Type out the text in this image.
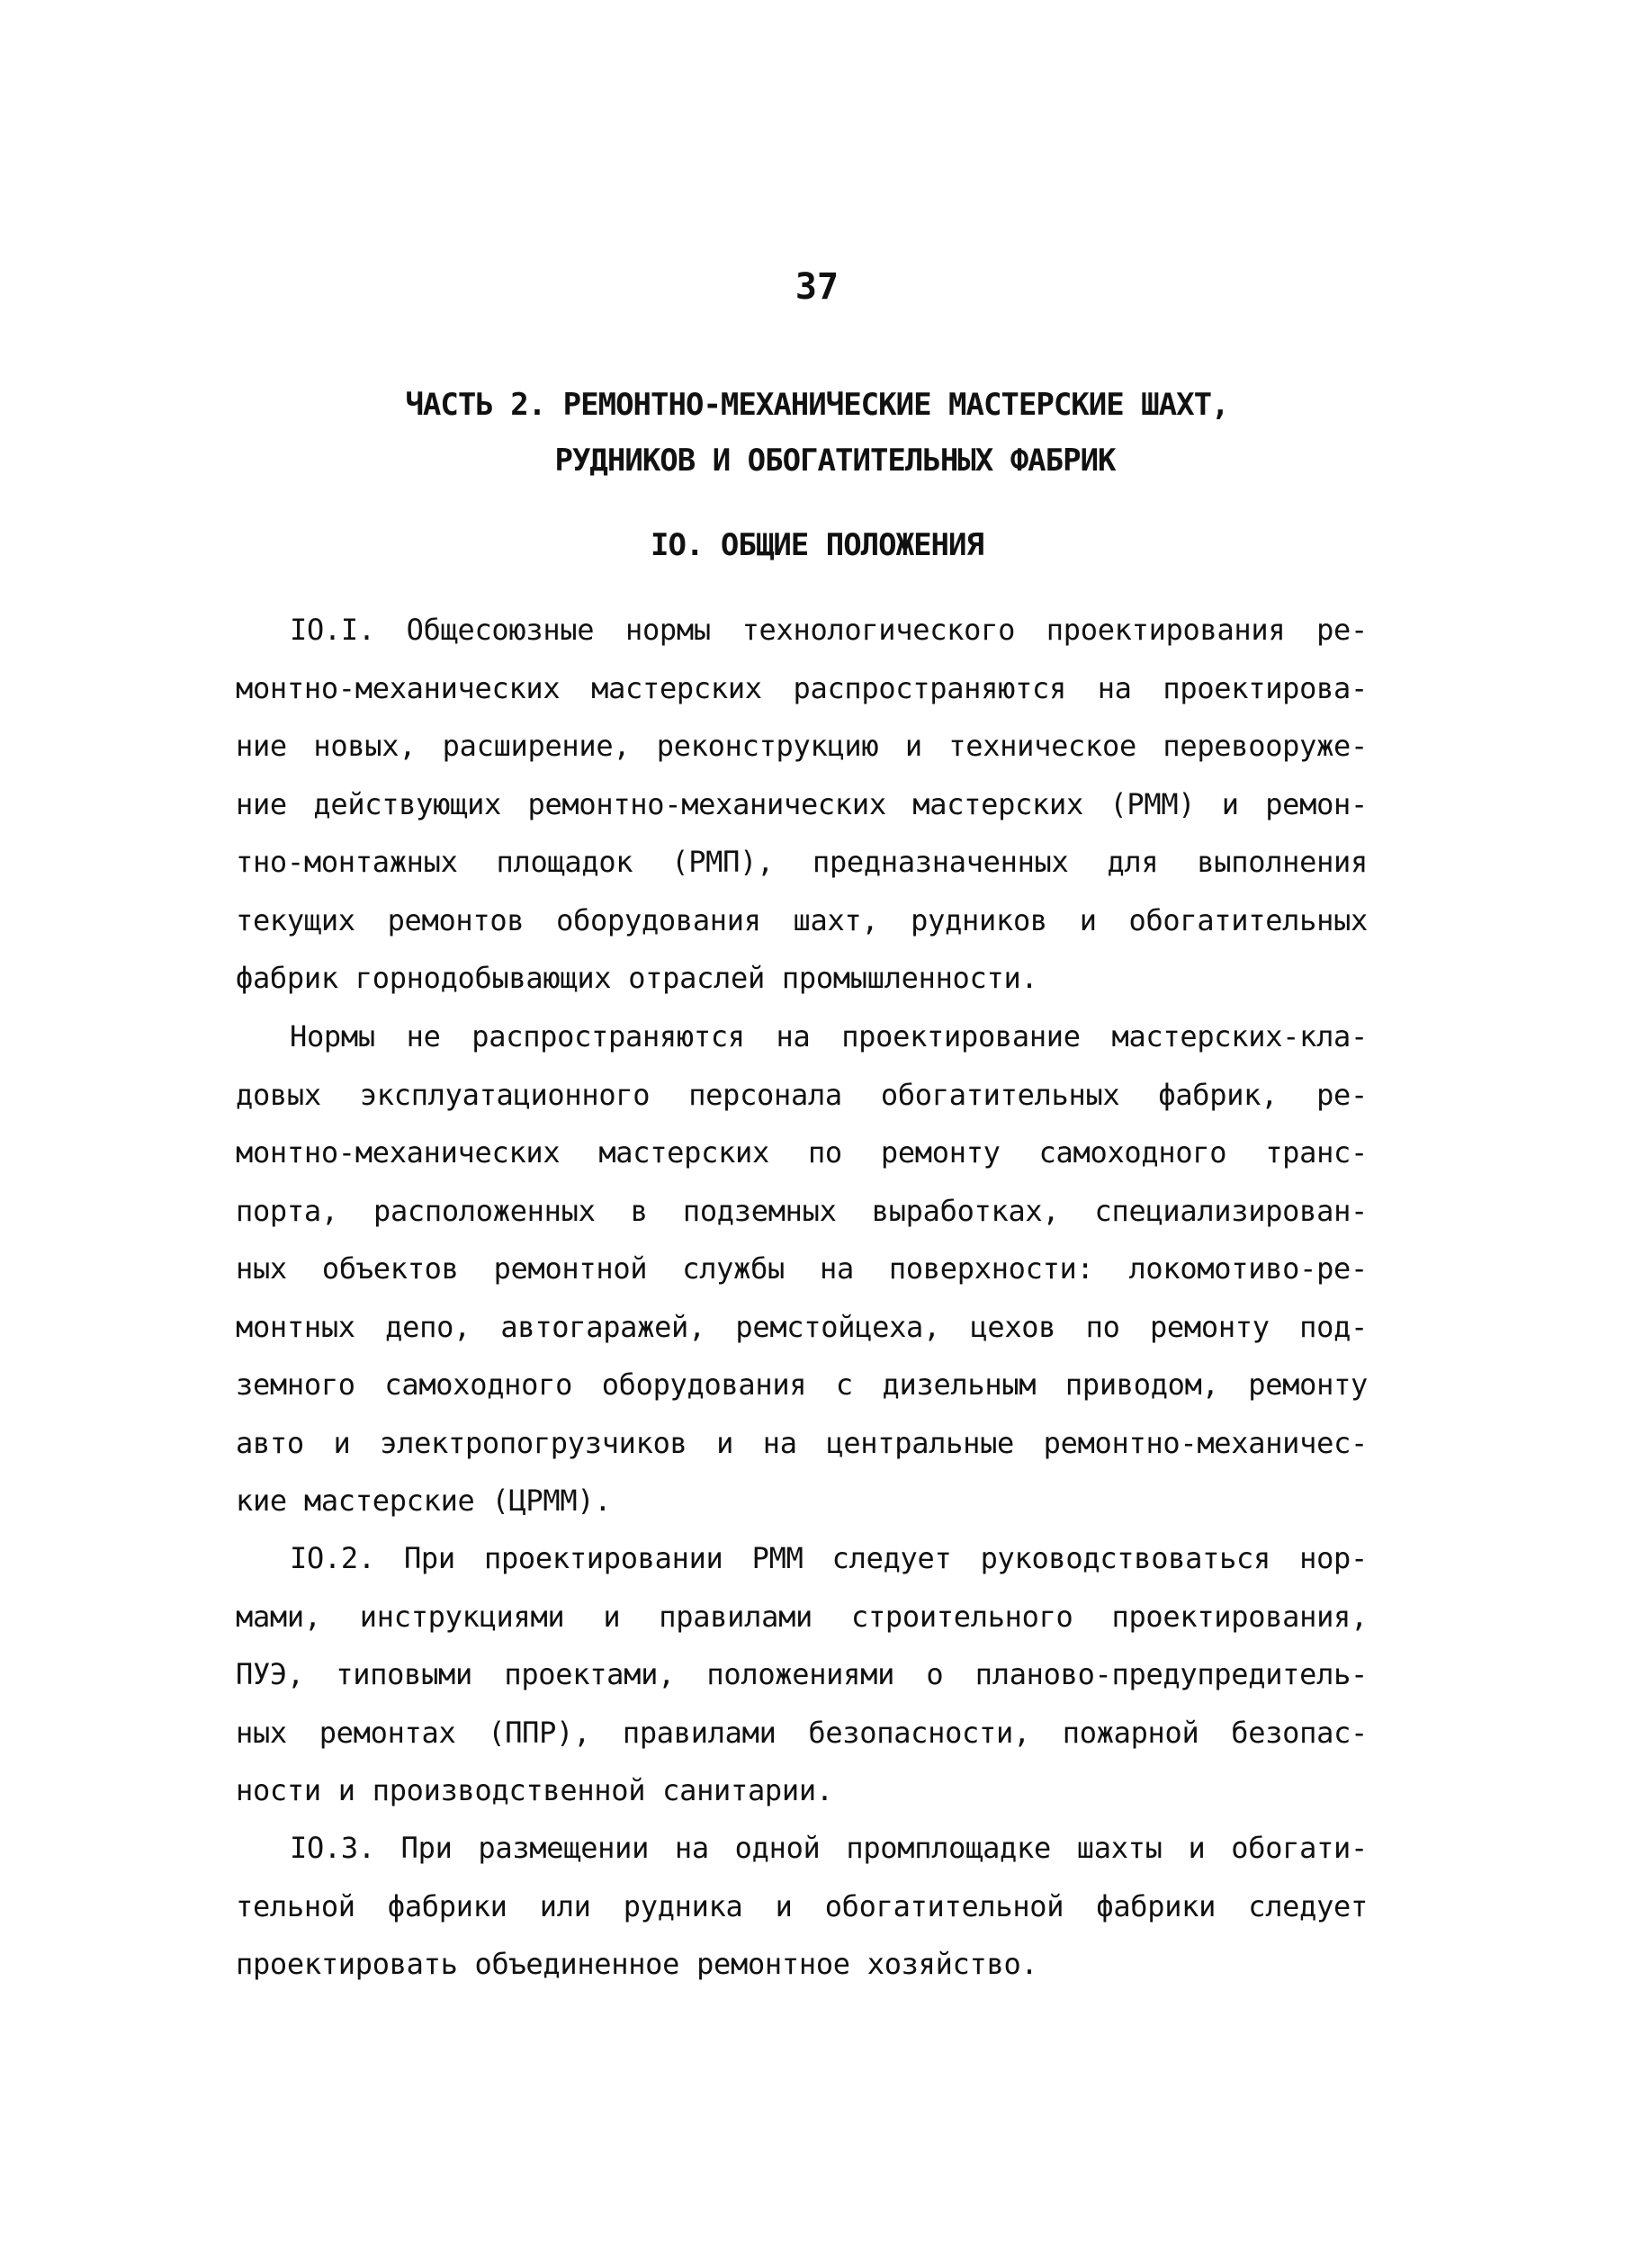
37
ЧАСТЬ 2. РЕМОНТНО-МЕХАНИЧЕСКИЕ МАСТЕРСКИЕ ШАХТ,
РУДНИКОВ И ОБОГАТИТЕЛЬНЫХ ФАБРИК
IO. ОБЩИЕ ПОЛОЖЕНИЯ
IO.I. Общесоюзные нормы технологического проектирования ре-
монтно-механических мастерских распространяются на проектирова-
ние новых, расширение, реконструкцию и техническое перевооруже-
ние действующих ремонтно-механических мастерских (РММ) и ремон-
тно-монтажных площадок (РМП), предназначенных для выполнения
текущих ремонтов оборудования шахт, рудников и обогатительных
фабрик горнодобывающих отраслей промышленности.
Нормы не распространяются на проектирование мастерских-кла-
довых эксплуатационного персонала обогатительных фабрик, ре-
монтно-механических мастерских по ремонту самоходного транс-
порта, расположенных в подземных выработках, специализирован-
ных объектов ремонтной службы на поверхности: локомотиво-ре-
монтных депо, автогаражей, ремстойцеха, цехов по ремонту под-
земного самоходного оборудования с дизельным приводом, ремонту
авто и электропогрузчиков и на центральные ремонтно-механичес-
кие мастерские (ЦРММ).
IO.2. При проектировании РММ следует руководствоваться нор-
мами, инструкциями и правилами строительного проектирования,
ПУЭ, типовыми проектами, положениями о планово-предупредитель-
ных ремонтах (ППР), правилами безопасности, пожарной безопас-
ности и производственной санитарии.
IO.3. При размещении на одной промплощадке шахты и обогати-
тельной фабрики или рудника и обогатительной фабрики следует
проектировать объединенное ремонтное хозяйство.
